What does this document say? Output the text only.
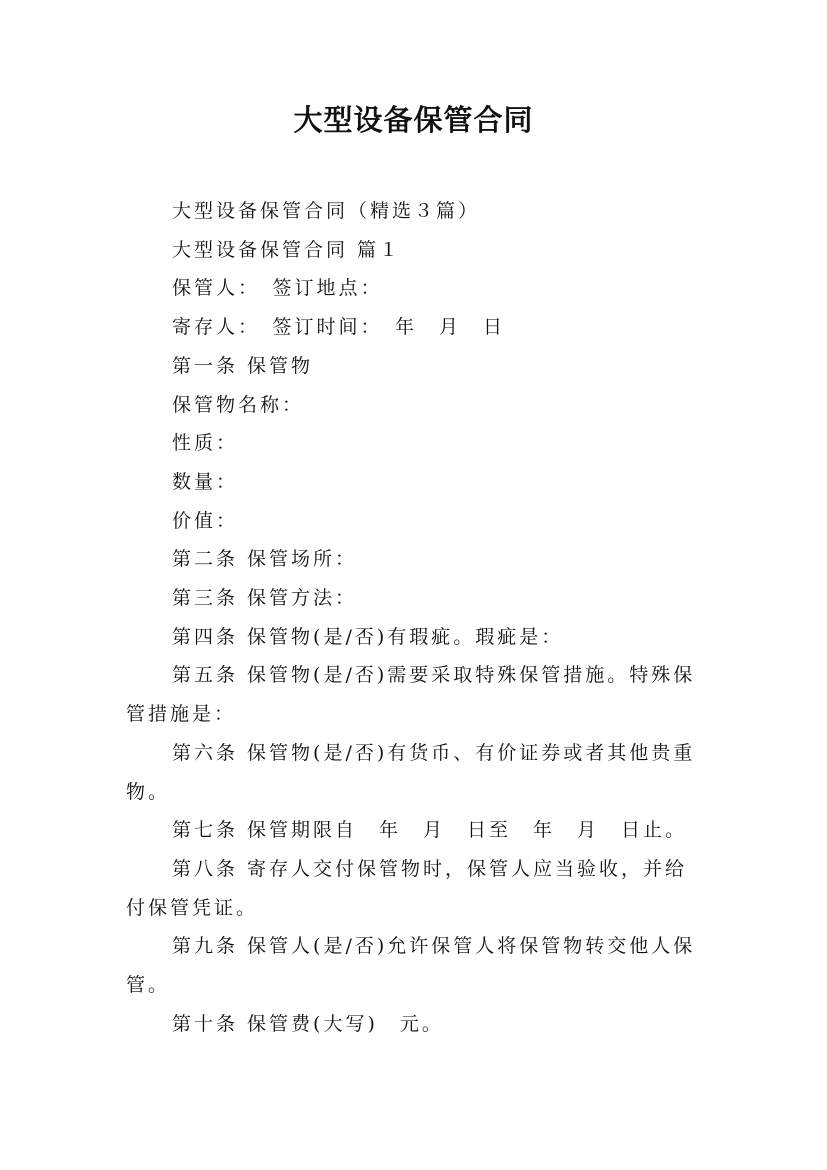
大型设备保管合同

大型设备保管合同（精选３篇）

大型设备保管合同 篇１

保管人：　签订地点：

寄存人：　签订时间：　年　月　日

第一条 保管物

保管物名称：

性质：

数量：

价值：

第二条 保管场所：

第三条 保管方法：

第四条 保管物(是/否)有瑕疵。瑕疵是：

第五条 保管物(是/否)需要采取特殊保管措施。特殊保管措施是：

第六条 保管物(是/否)有货币、有价证券或者其他贵重物。

第七条 保管期限自　年　月　日至　年　月　日止。

第八条 寄存人交付保管物时，保管人应当验收，并给付保管凭证。

第九条 保管人(是/否)允许保管人将保管物转交他人保管。

第十条 保管费(大写)　元。
